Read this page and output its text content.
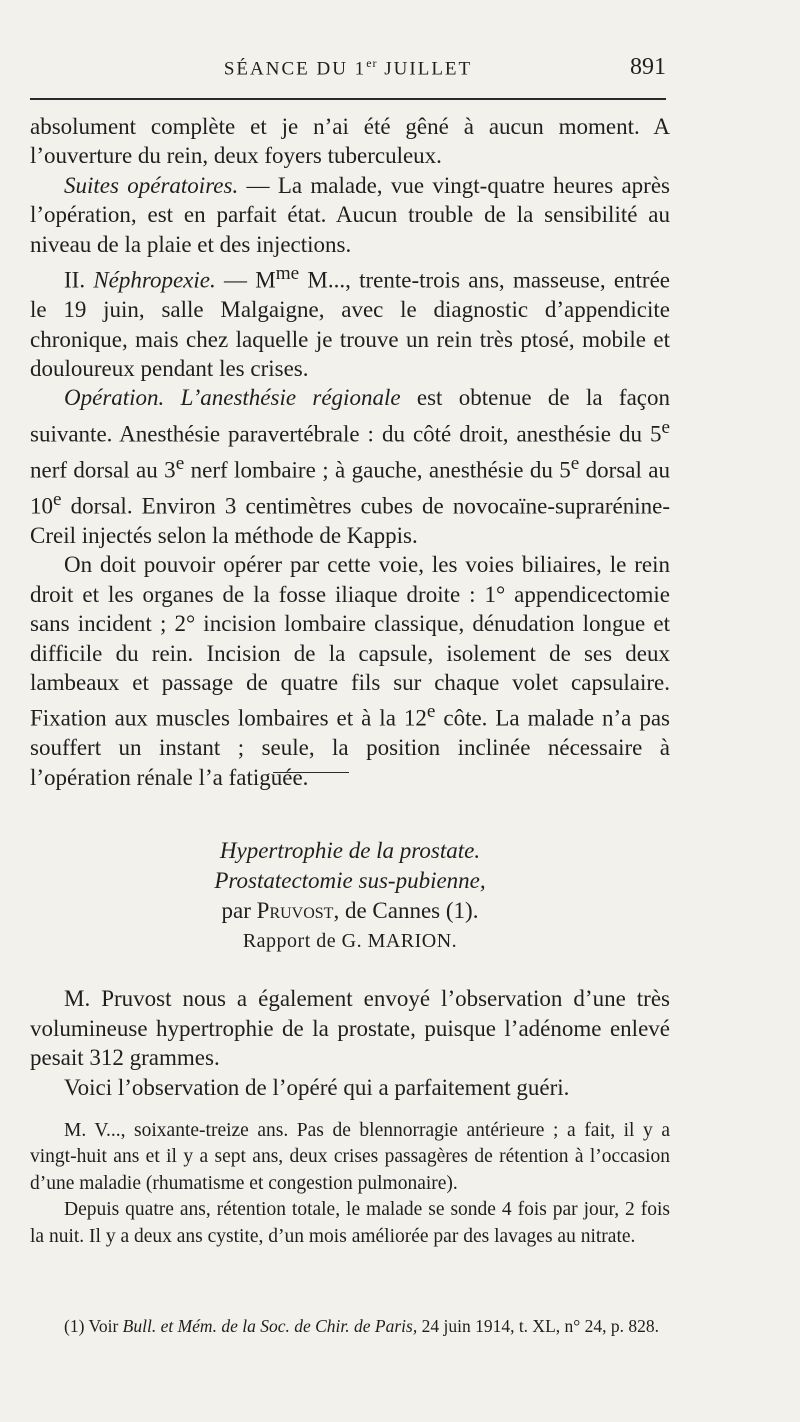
SÉANCE DU 1er JUILLET	891

absolument complète et je n’ai été gêné à aucun moment. A l’ouverture du rein, deux foyers tuberculeux.

Suites opératoires. — La malade, vue vingt-quatre heures après l’opération, est en parfait état. Aucun trouble de la sensibilité au niveau de la plaie et des injections.

II. Néphropexie. — $M^{me}$ M..., trente-trois ans, masseuse, entrée le 19 juin, salle Malgaigne, avec le diagnostic d’appendicite chronique, mais chez laquelle je trouve un rein très ptosé, mobile et douloureux pendant les crises.

Opération. L’anesthésie régionale est obtenue de la façon suivante. Anesthésie paravertébrale : du côté droit, anesthésie du 5e nerf dorsal au 3e nerf lombaire ; à gauche, anesthésie du 5e dorsal au 10e dorsal. Environ 3 centimètres cubes de novocaïne-suprarénine-Creil injectés selon la méthode de Kappis.

On doit pouvoir opérer par cette voie, les voies biliaires, le rein droit et les organes de la fosse iliaque droite : 1° appendicectomie sans incident ; 2° incision lombaire classique, dénudation longue et difficile du rein. Incision de la capsule, isolement de ses deux lambeaux et passage de quatre fils sur chaque volet capsulaire. Fixation aux muscles lombaires et à la 12e côte. La malade n’a pas souffert un instant ; seule, la position inclinée nécessaire à l’opération rénale l’a fatiguée.

Hypertrophie de la prostate.

Prostatectomie sus-pubienne,

par Pruvost, de Cannes (1).

Rapport de G. MARION.

M. Pruvost nous a également envoyé l’observation d’une très volumineuse hypertrophie de la prostate, puisque l’adénome enlevé pesait 312 grammes.

Voici l’observation de l’opéré qui a parfaitement guéri.

M. V..., soixante-treize ans. Pas de blennorragie antérieure ; a fait, il y a vingt-huit ans et il y a sept ans, deux crises passagères de rétention à l’occasion d’une maladie (rhumatisme et congestion pulmonaire).

Depuis quatre ans, rétention totale, le malade se sonde 4 fois par jour, 2 fois la nuit. Il y a deux ans cystite, d’un mois améliorée par des lavages au nitrate.

(1) Voir Bull. et Mém. de la Soc. de Chir. de Paris, 24 juin 1914, t. XL, n° 24, p. 828.
